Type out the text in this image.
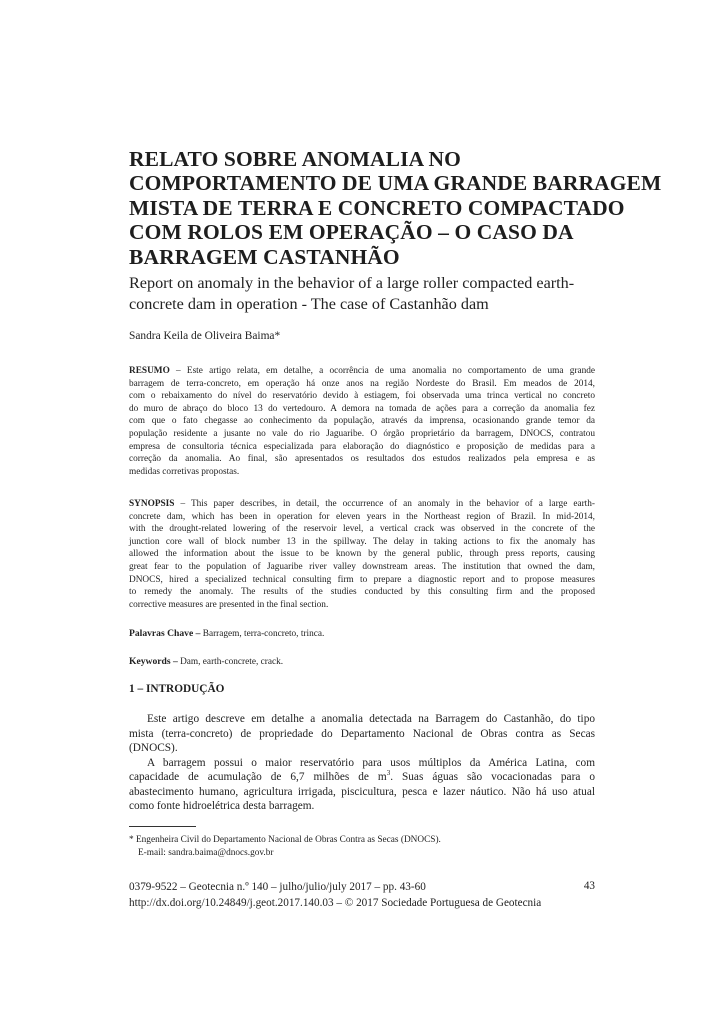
RELATO SOBRE ANOMALIA NO
COMPORTAMENTO DE UMA GRANDE BARRAGEM
MISTA DE TERRA E CONCRETO COMPACTADO
COM ROLOS EM OPERAÇÃO – O CASO DA
BARRAGEM CASTANHÃO
Report on anomaly in the behavior of a large roller compacted earth-
concrete dam in operation - The case of Castanhão dam
Sandra Keila de Oliveira Baima*
RESUMO – Este artigo relata, em detalhe, a ocorrência de uma anomalia no comportamento de uma grande
barragem de terra-concreto, em operação há onze anos na região Nordeste do Brasil. Em meados de 2014,
com o rebaixamento do nível do reservatório devido à estiagem, foi observada uma trinca vertical no concreto
do muro de abraço do bloco 13 do vertedouro. A demora na tomada de ações para a correção da anomalia fez
com que o fato chegasse ao conhecimento da população, através da imprensa, ocasionando grande temor da
população residente a jusante no vale do rio Jaguaribe. O órgão proprietário da barragem, DNOCS, contratou
empresa de consultoria técnica especializada para elaboração do diagnóstico e proposição de medidas para a
correção da anomalia. Ao final, são apresentados os resultados dos estudos realizados pela empresa e as
medidas corretivas propostas.
SYNOPSIS – This paper describes, in detail, the occurrence of an anomaly in the behavior of a large earth-
concrete dam, which has been in operation for eleven years in the Northeast region of Brazil. In mid-2014,
with the drought-related lowering of the reservoir level, a vertical crack was observed in the concrete of the
junction core wall of block number 13 in the spillway. The delay in taking actions to fix the anomaly has
allowed the information about the issue to be known by the general public, through press reports, causing
great fear to the population of Jaguaribe river valley downstream areas. The institution that owned the dam,
DNOCS, hired a specialized technical consulting firm to prepare a diagnostic report and to propose measures
to remedy the anomaly. The results of the studies conducted by this consulting firm and the proposed
corrective measures are presented in the final section.
Palavras Chave – Barragem, terra-concreto, trinca.
Keywords – Dam, earth-concrete, crack.
1 – INTRODUÇÃO
Este artigo descreve em detalhe a anomalia detectada na Barragem do Castanhão, do tipo
mista (terra-concreto) de propriedade do Departamento Nacional de Obras contra as Secas
(DNOCS).
A barragem possui o maior reservatório para usos múltiplos da América Latina, com
capacidade de acumulação de 6,7 milhões de $m^3$. Suas águas são vocacionadas para o
abastecimento humano, agricultura irrigada, piscicultura, pesca e lazer náutico. Não há uso atual
como fonte hidroelétrica desta barragem.
* Engenheira Civil do Departamento Nacional de Obras Contra as Secas (DNOCS).
E-mail: sandra.baima@dnocs.gov.br
0379-9522 – Geotecnia n.º 140 – julho/julio/july 2017 – pp. 43-60
http://dx.doi.org/10.24849/j.geot.2017.140.03 – © 2017 Sociedade Portuguesa de Geotecnia
43
